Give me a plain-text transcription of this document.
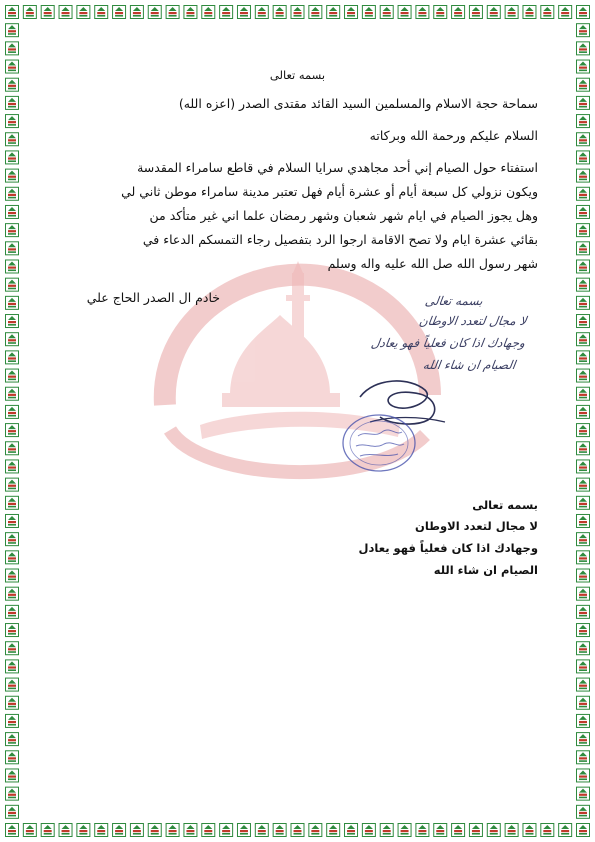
بسمه تعالى
سماحة حجة الاسلام والمسلمين السيد القائد مقتدى الصدر (اعزه الله)
السلام عليكم ورحمة الله وبركاته
استفتاء حول الصيام إني أحد مجاهدي سرايا السلام في قاطع سامراء المقدسة
ويكون نزولي كل سبعة أيام أو عشرة أيام فهل تعتبر مدينة سامراء موطن ثاني لي
وهل يجوز الصيام في ايام شهر شعبان وشهر رمضان علما اني غير متأكد من
بقائي عشرة ايام ولا تصح الاقامة ارجوا الرد بتفصيل رجاء التمسكم الدعاء في
شهر رسول الله صل الله عليه واله وسلم
خادم ال الصدر الحاج علي	بسمه تعالى
لا مجال لتعدد الاوطان
وجهادك اذا كان فعلياً فهو يعادل
الصيام ان شاء الله
بسمه تعالى
لا مجال لتعدد الاوطان
وجهادك اذا كان فعلياً فهو يعادل
الصيام ان شاء الله
